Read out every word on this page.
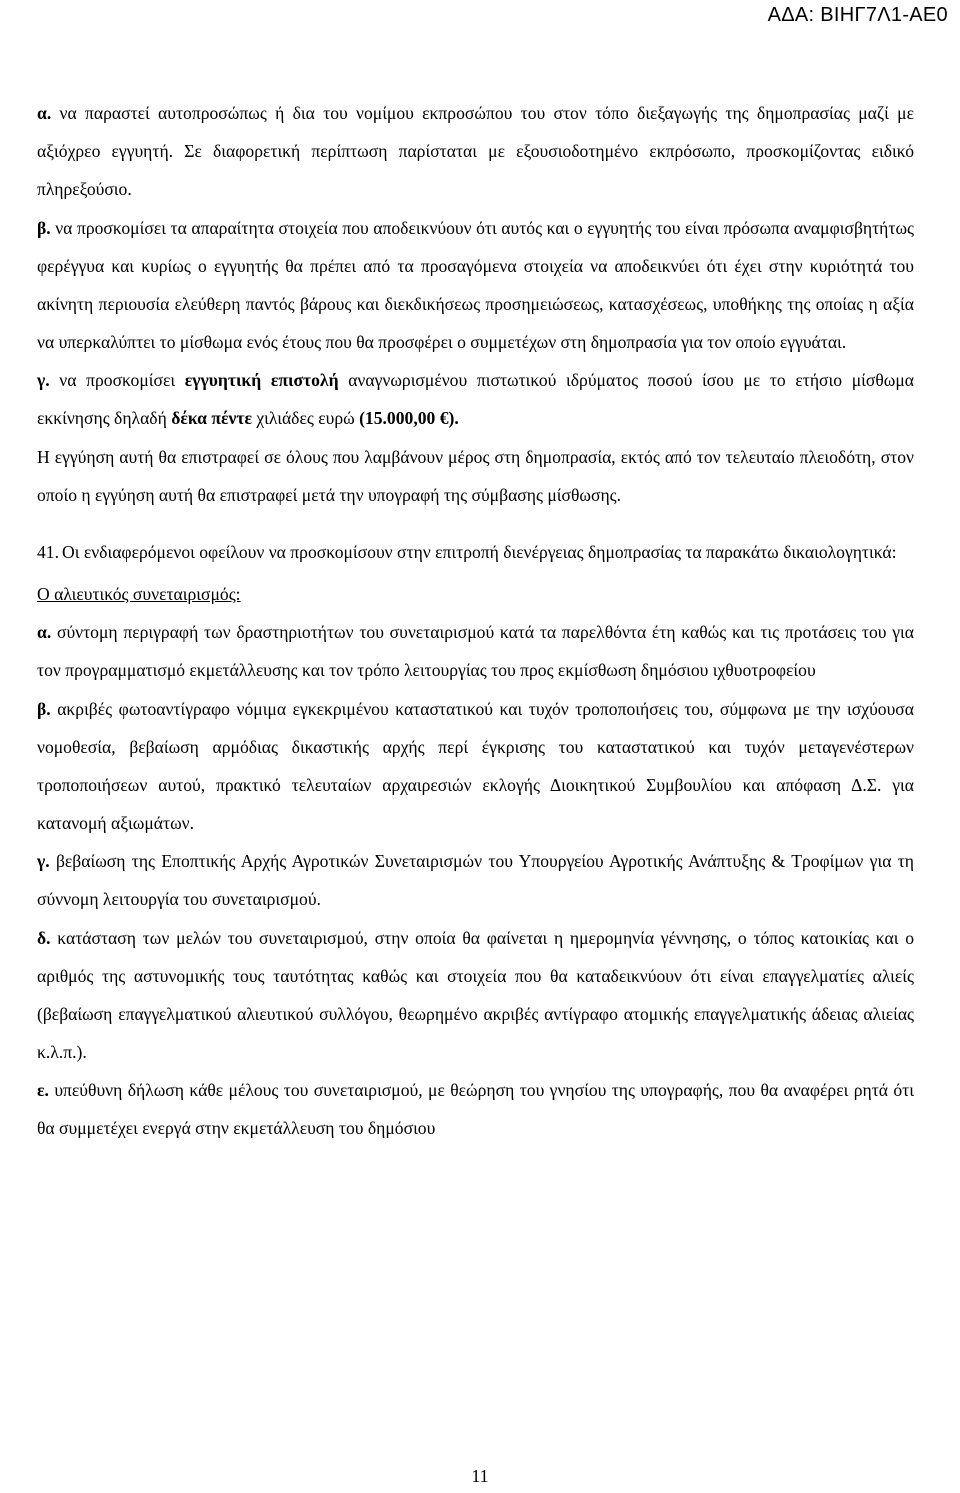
ΑΔΑ: ΒΙΗΓ7Λ1-ΑΕ0

α. να παραστεί αυτοπροσώπως ή δια του νομίμου εκπροσώπου του στον τόπο διεξαγωγής της δημοπρασίας μαζί με αξιόχρεο εγγυητή. Σε διαφορετική περίπτωση παρίσταται με εξουσιοδοτημένο εκπρόσωπο, προσκομίζοντας ειδικό πληρεξούσιο.

β. να προσκομίσει τα απαραίτητα στοιχεία που αποδεικνύουν ότι αυτός και ο εγγυητής του είναι πρόσωπα αναμφισβητήτως φερέγγυα και κυρίως ο εγγυητής θα πρέπει από τα προσαγόμενα στοιχεία να αποδεικνύει ότι έχει στην κυριότητά του ακίνητη περιουσία ελεύθερη παντός βάρους και διεκδικήσεως προσημειώσεως, κατασχέσεως, υποθήκης της οποίας η αξία να υπερκαλύπτει το μίσθωμα ενός έτους που θα προσφέρει ο συμμετέχων στη δημοπρασία για τον οποίο εγγυάται.

γ. να προσκομίσει εγγυητική επιστολή αναγνωρισμένου πιστωτικού ιδρύματος ποσού ίσου με το ετήσιο μίσθωμα εκκίνησης δηλαδή δέκα πέντε χιλιάδες ευρώ (15.000,00 €).

Η εγγύηση αυτή θα επιστραφεί σε όλους που λαμβάνουν μέρος στη δημοπρασία, εκτός από τον τελευταίο πλειοδότη, στον οποίο η εγγύηση αυτή θα επιστραφεί μετά την υπογραφή της σύμβασης μίσθωσης.

41. Οι ενδιαφερόμενοι οφείλουν να προσκομίσουν στην επιτροπή διενέργειας δημοπρασίας τα παρακάτω δικαιολογητικά:

Ο αλιευτικός συνεταιρισμός:

α. σύντομη περιγραφή των δραστηριοτήτων του συνεταιρισμού κατά τα παρελθόντα έτη καθώς και τις προτάσεις του για τον προγραμματισμό εκμετάλλευσης και τον τρόπο λειτουργίας του προς εκμίσθωση δημόσιου ιχθυοτροφείου

β. ακριβές φωτοαντίγραφο νόμιμα εγκεκριμένου καταστατικού και τυχόν τροποποιήσεις του, σύμφωνα με την ισχύουσα νομοθεσία, βεβαίωση αρμόδιας δικαστικής αρχής περί έγκρισης του καταστατικού και τυχόν μεταγενέστερων τροποποιήσεων αυτού, πρακτικό τελευταίων αρχαιρεσιών εκλογής Διοικητικού Συμβουλίου και απόφαση Δ.Σ. για κατανομή αξιωμάτων.

γ. βεβαίωση της Εποπτικής Αρχής Αγροτικών Συνεταιρισμών του Υπουργείου Αγροτικής Ανάπτυξης & Τροφίμων για τη σύννομη λειτουργία του συνεταιρισμού.

δ. κατάσταση των μελών του συνεταιρισμού, στην οποία θα φαίνεται η ημερομηνία γέννησης, ο τόπος κατοικίας και ο αριθμός της αστυνομικής τους ταυτότητας καθώς και στοιχεία που θα καταδεικνύουν ότι είναι επαγγελματίες αλιείς (βεβαίωση επαγγελματικού αλιευτικού συλλόγου, θεωρημένο ακριβές αντίγραφο ατομικής επαγγελματικής άδειας αλιείας κ.λ.π.).

ε. υπεύθυνη δήλωση κάθε μέλους του συνεταιρισμού, με θεώρηση του γνησίου της υπογραφής, που θα αναφέρει ρητά ότι θα συμμετέχει ενεργά στην εκμετάλλευση του δημόσιου

11
